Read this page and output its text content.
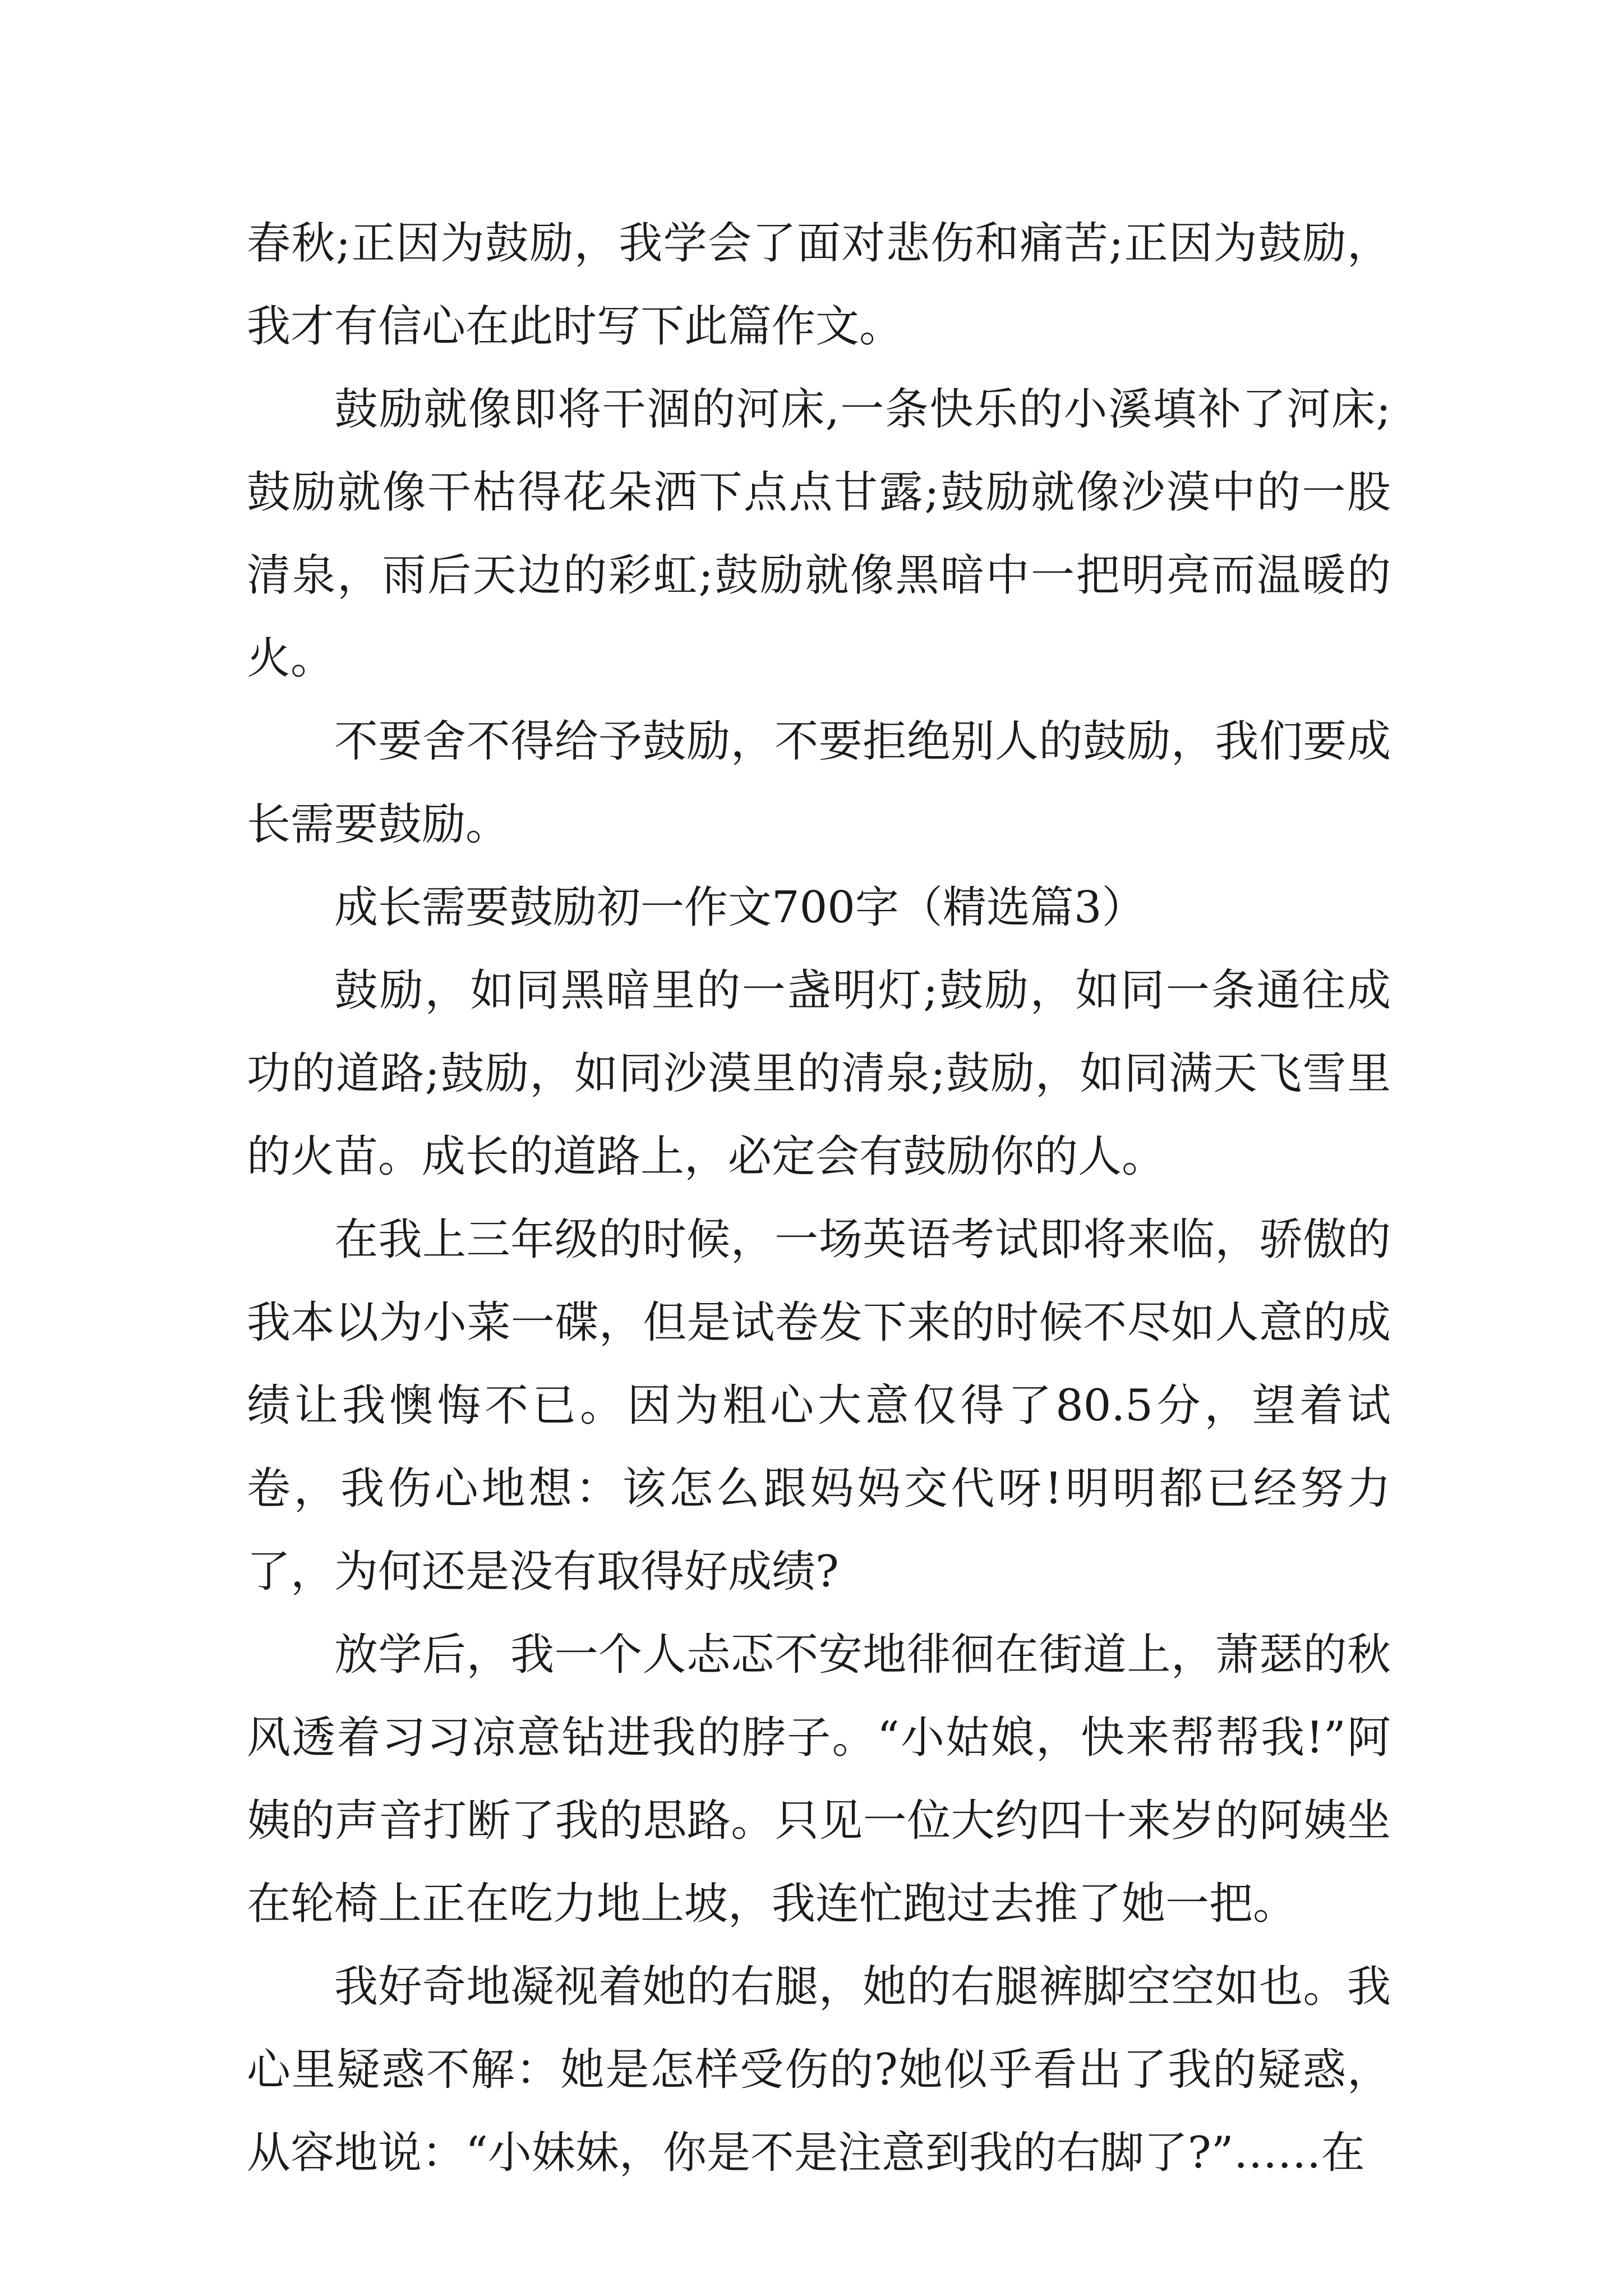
春秋;正因为鼓励，我学会了面对悲伤和痛苦;正因为鼓励，我才有信心在此时写下此篇作文。

鼓励就像即将干涸的河床,一条快乐的小溪填补了河床;鼓励就像干枯得花朵洒下点点甘露;鼓励就像沙漠中的一股清泉，雨后天边的彩虹;鼓励就像黑暗中一把明亮而温暖的火。

不要舍不得给予鼓励，不要拒绝别人的鼓励，我们要成长需要鼓励。

成长需要鼓励初一作文700字（精选篇3）

鼓励，如同黑暗里的一盏明灯;鼓励，如同一条通往成功的道路;鼓励，如同沙漠里的清泉;鼓励，如同满天飞雪里的火苗。成长的道路上，必定会有鼓励你的人。

在我上三年级的时候，一场英语考试即将来临，骄傲的我本以为小菜一碟，但是试卷发下来的时候不尽如人意的成绩让我懊悔不已。因为粗心大意仅得了80.5分，望着试卷，我伤心地想：该怎么跟妈妈交代呀!明明都已经努力了，为何还是没有取得好成绩?

放学后，我一个人忐忑不安地徘徊在街道上，萧瑟的秋风透着习习凉意钻进我的脖子。“小姑娘，快来帮帮我!”阿姨的声音打断了我的思路。只见一位大约四十来岁的阿姨坐在轮椅上正在吃力地上坡，我连忙跑过去推了她一把。

我好奇地凝视着她的右腿，她的右腿裤脚空空如也。我心里疑惑不解：她是怎样受伤的?她似乎看出了我的疑惑，从容地说：“小妹妹，你是不是注意到我的右脚了?”……在
